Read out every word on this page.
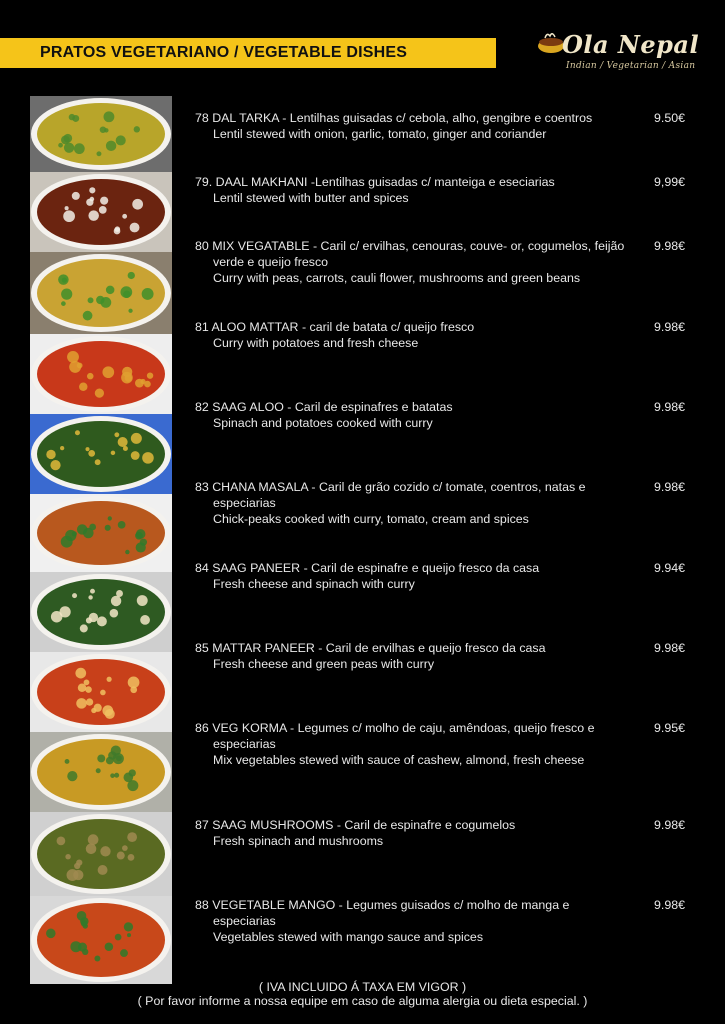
PRATOS VEGETARIANO / VEGETABLE DISHES	Ola Nepal
Indian / Vegetarian / Asian
78 DAL TARKA - Lentilhas guisadas c/ cebola, alho, gengibre e coentros
Lentil stewed with onion, garlic, tomato, ginger and coriander
9.50€
79. DAAL MAKHANI -Lentilhas guisadas c/ manteiga e eseciarias
Lentil stewed with butter and spices
9,99€
80 MIX VEGATABLE - Caril c/ ervilhas, cenouras, couve- or, cogumelos, feijão verde e queijo fresco
Curry with peas, carrots, cauli flower, mushrooms and green beans
9.98€
81 ALOO MATTAR - caril de batata c/ queijo fresco
Curry with potatoes and fresh cheese
9.98€
82 SAAG ALOO - Caril de espinafres e batatas
Spinach and potatoes cooked with curry
9.98€
83 CHANA MASALA - Caril de grão cozido c/ tomate, coentros, natas e especiarias
Chick-peaks cooked with curry, tomato, cream and spices
9.98€
84 SAAG PANEER - Caril de espinafre e queijo fresco da casa
Fresh cheese and spinach with curry
9.94€
85 MATTAR PANEER - Caril de ervilhas e queijo fresco da casa
Fresh cheese and green peas with curry
9.98€
86 VEG KORMA - Legumes c/ molho de caju, amêndoas, queijo fresco e especiarias
Mix vegetables stewed with sauce of cashew, almond, fresh cheese
9.95€
87 SAAG MUSHROOMS - Caril de espinafre e cogumelos
Fresh spinach and mushrooms
9.98€
88 VEGETABLE MANGO - Legumes guisados c/ molho de manga e especiarias
Vegetables stewed with mango sauce and spices
9.98€
( IVA INCLUIDO Á TAXA EM VIGOR )
( Por favor informe a nossa equipe em caso de alguma alergia ou dieta especial. )
